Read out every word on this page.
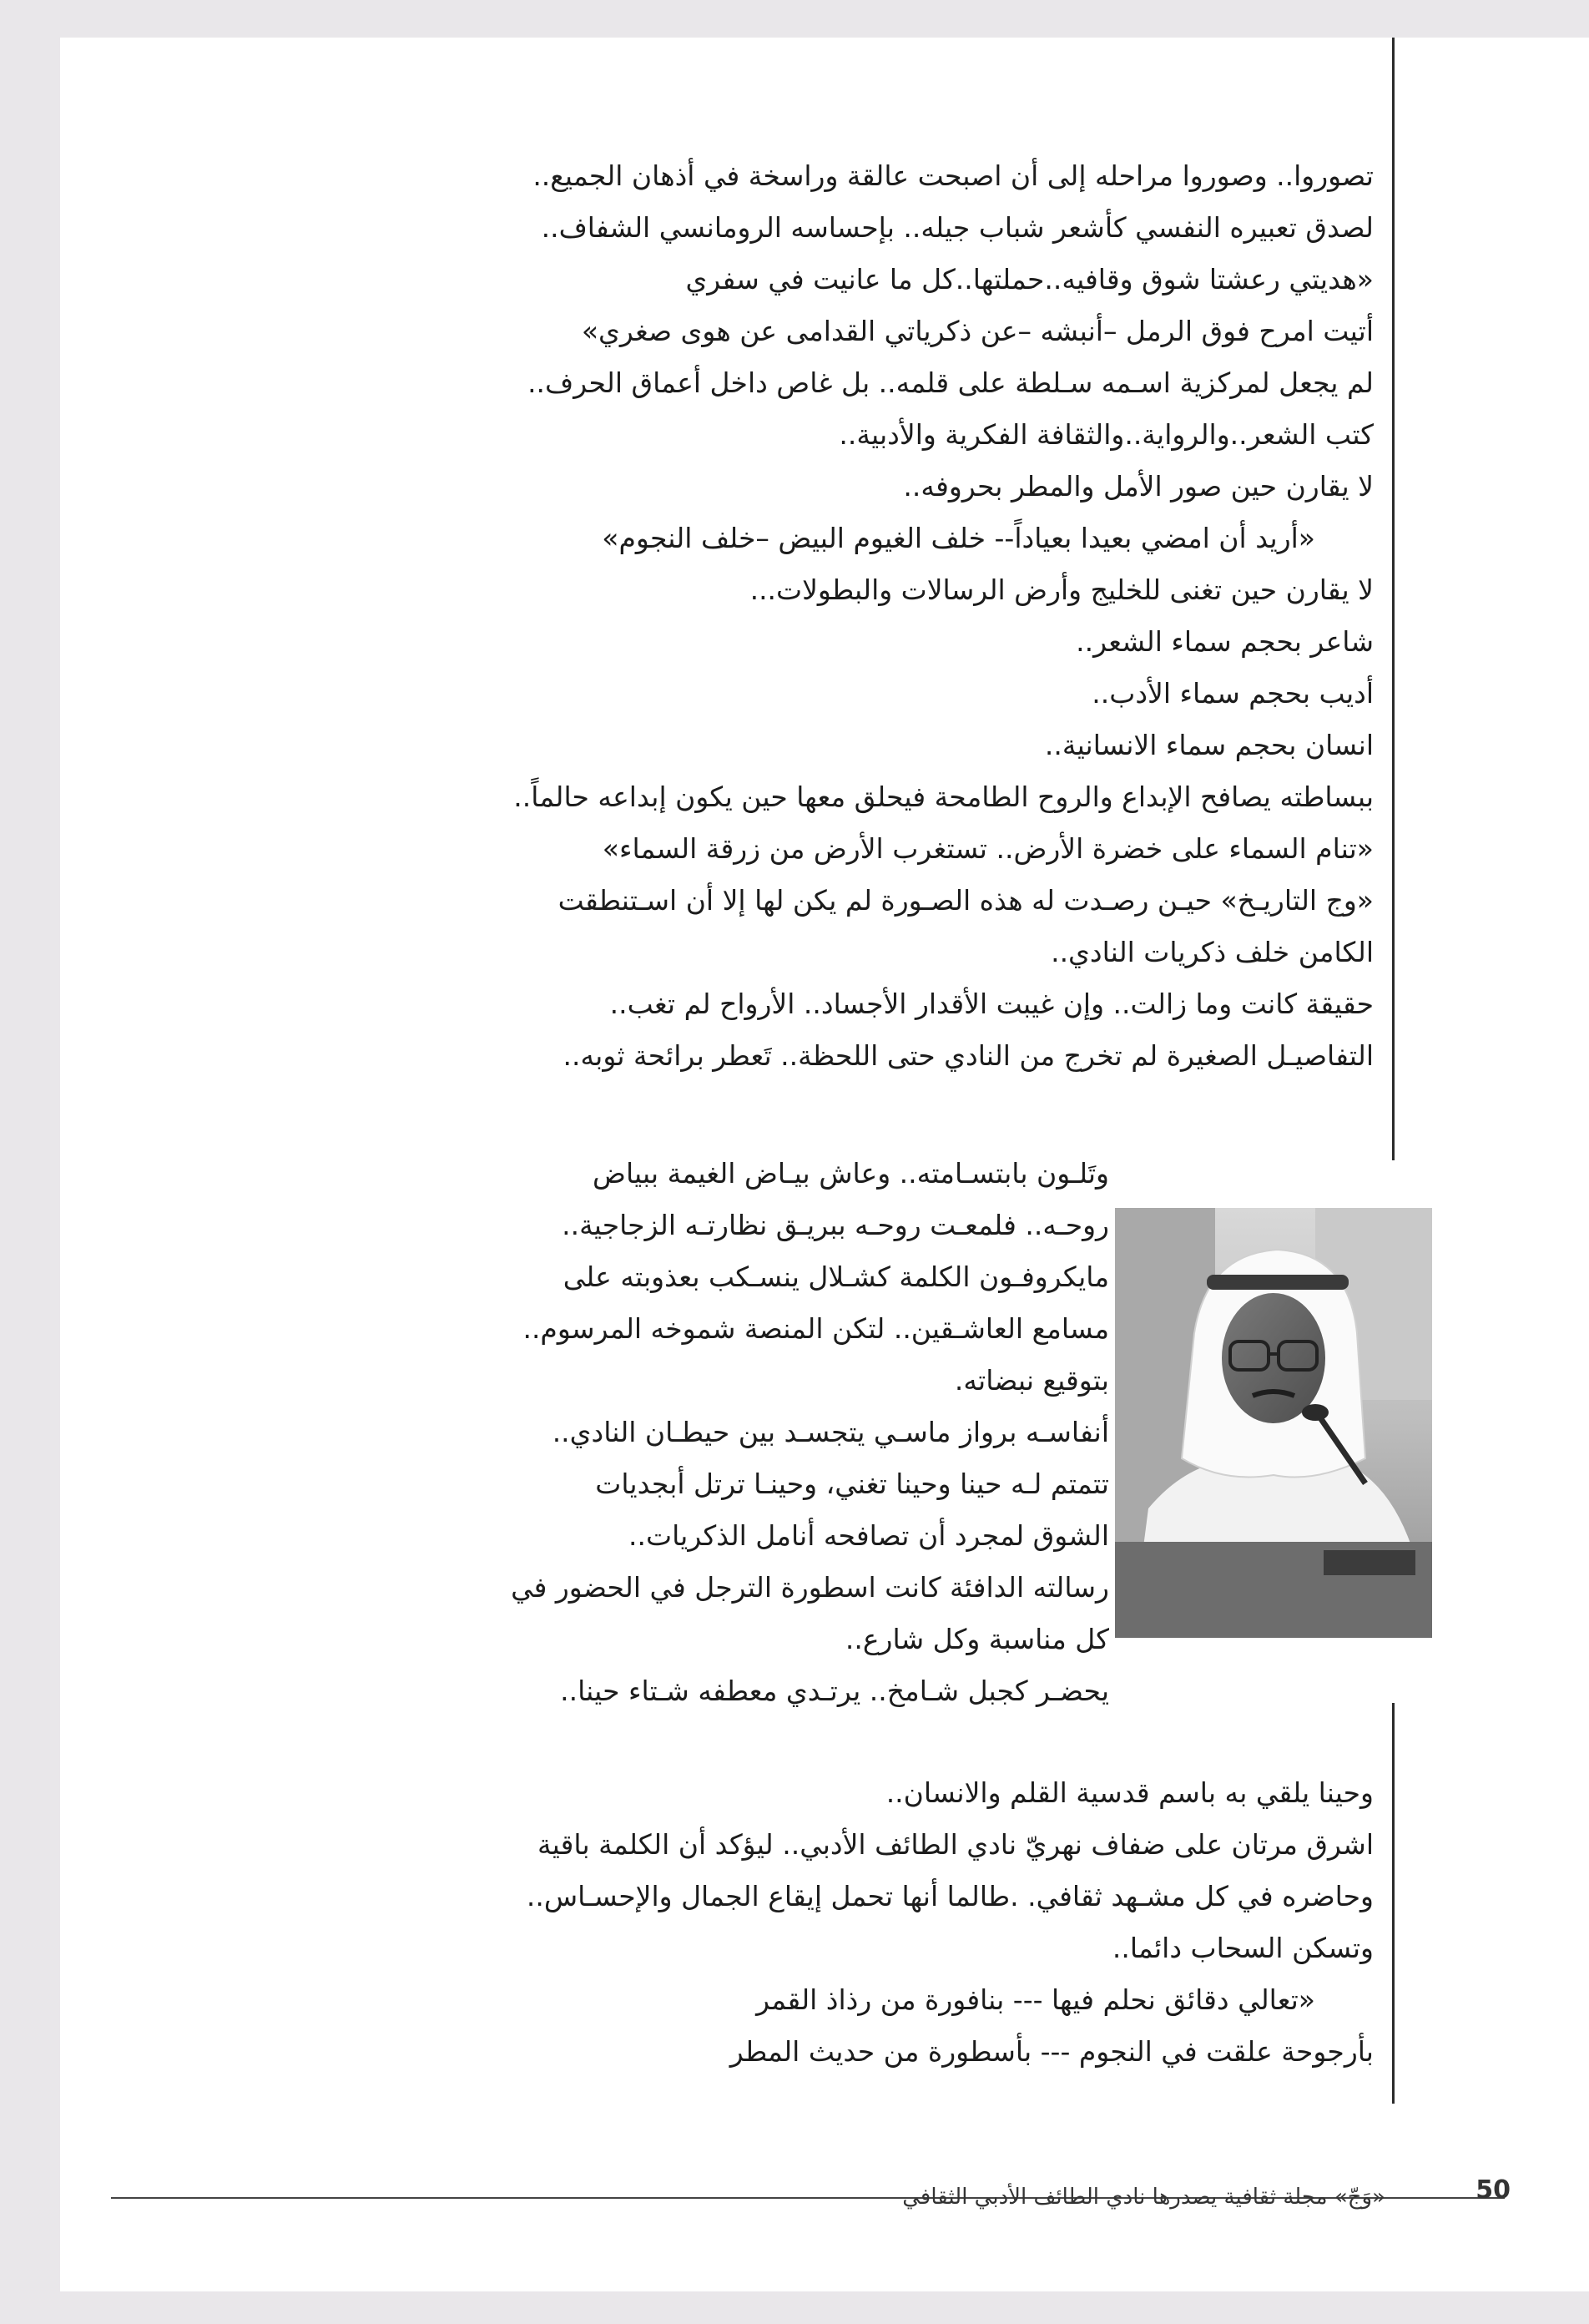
تصوروا.. وصوروا مراحله إلى أن اصبحت عالقة وراسخة في أذهان الجميع..
لصدق تعبيره النفسي كأشعر شباب جيله.. بإحساسه الرومانسي الشفاف..
«هديتي رعشتا شوق وقافيه..حملتها..كل ما عانيت في سفري
أتيت امرح فوق الرمل –أنبشه –عن ذكرياتي القدامى عن هوى صغري»
لم يجعل لمركزية اسـمه سـلطة على قلمه.. بل غاص داخل أعماق الحرف..
كتب الشعر..والرواية..والثقافة الفكرية والأدبية..
لا يقارن حين صور الأمل والمطر بحروفه..
«أريد أن امضي بعيدا بعياداً-- خلف الغيوم البيض –خلف النجوم»
لا يقارن حين تغنى للخليج وأرض الرسالات والبطولات...
شاعر بحجم سماء الشعر..
أديب بحجم سماء الأدب..
انسان بحجم سماء الانسانية..
ببساطته يصافح الإبداع والروح الطامحة فيحلق معها حين يكون إبداعه حالماً..
«تنام السماء على خضرة الأرض.. تستغرب الأرض من زرقة السماء»
«وج التاريـخ» حيـن رصـدت له هذه الصـورة لم يكن لها إلا أن اسـتنطقت
الكامن خلف ذكريات النادي..
حقيقة كانت وما زالت.. وإن غيبت الأقدار الأجساد.. الأرواح لم تغب..
التفاصيـل الصغيرة لم تخرج من النادي حتى اللحظة.. تَعطر برائحة ثوبه..
وتَلـون بابتسـامته.. وعاش بيـاض الغيمة ببياض
روحـه.. فلمعـت روحـه ببريـق نظارتـه الزجاجية..
مايكروفـون الكلمة كشـلال ينسـكب بعذوبته على
مسامع العاشـقين.. لتكن المنصة شموخه المرسوم..
بتوقيع نبضاته.
أنفاسـه برواز ماسـي يتجسـد بين حيطـان النادي..
تتمتم لـه حينا وحينا تغني، وحينـا ترتل أبجديات
الشوق لمجرد أن تصافحه أنامل الذكريات..
رسالته الدافئة كانت اسطورة الترجل في الحضور في
كل مناسبة وكل شارع..
يحضـر كجبل شـامخ.. يرتـدي معطفه شـتاء حينا..
وحينا يلقي به باسم قدسية القلم والانسان..
اشرق مرتان على ضفاف نهريّ نادي الطائف الأدبي.. ليؤكد أن الكلمة باقية
وحاضره في كل مشـهد ثقافي. .طالما أنها تحمل إيقاع الجمال والإحسـاس..
وتسكن السحاب دائما..
«تعالي دقائق نحلم فيها --- بنافورة من رذاذ القمر
بأرجوحة علقت في النجوم --- بأسطورة من حديث المطر
«وَجّ» مجلة ثقافية يصدرها نادي الطائف الأدبي الثقافي	50
